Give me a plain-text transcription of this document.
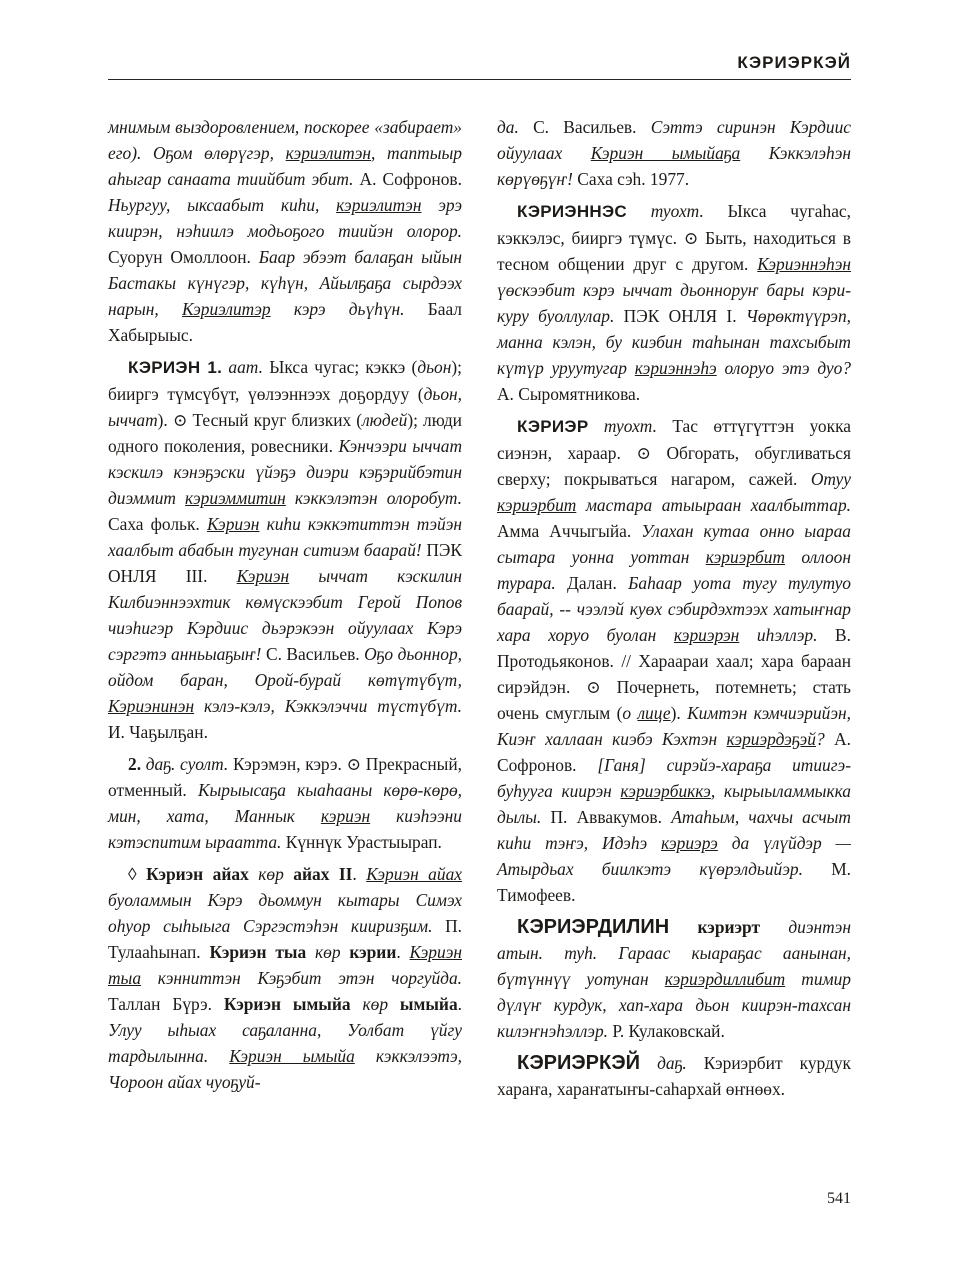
КЭРИЭРКЭЙ

мнимым выздоровлением, поскорее «забирает» его). Оҕом өлөрүгэр, кэриэлитэн, таптыыр аһыгар санаата тиийбит эбит. А. Софронов. Ньургуу, ыксаабыт киһи, кэриэлитэн эрэ киирэн, нэһиилэ модьоҕого тиийэн олорор. Суорун Омоллоон. Баар эбээт балаҕан ыйын Бастакы күнүгэр, күһүн, Айылҕаҕа сырдээх нарын, Кэриэлитэр кэрэ дьүһүн. Баал Хабырыыс.

КЭРИЭН 1. аат. Ыкса чугас; кэккэ (дьон); бииргэ түмсүбүт, үөлээннээх доҕордуу (дьон, ыччат). ⊙ Тесный круг близких (людей); люди одного поколения, ровесники. Кэнчээри ыччат кэскилэ кэнэҕэски үйэҕэ диэри кэҕэрийбэтин диэммит кэриэммитин кэккэлэтэн олоробут. Саха фольк. Кэриэн киһи кэккэтиттэн тэйэн хаалбыт абабын тугунан ситиэм баарай! ПЭК ОНЛЯ III. Кэриэн ыччат кэскилин Килбиэннээхтик көмүскээбит Герой Попов чиэһигэр Кэрдиис дьэрэкээн ойуулаах Кэрэ сэргэтэ анньыаҕыҥ! С. Васильев. Оҕо дьоннор, ойдом баран, Орой-бурай көтүтүбүт, Кэриэнинэн кэлэ-кэлэ, Кэккэлэччи түстүбүт. И. Чаҕылҕан.

2. даҕ. суолт. Кэрэмэн, кэрэ. ⊙ Прекрасный, отменный. Кырыысаҕа кыаһааны көрө-көрө, мин, хата, Маннык кэриэн киэһээни кэтэспитим ыраатта. Күннүк Урастыырап.

◊ Кэриэн айах көр айах II. Кэриэн айах буоламмын Кэрэ дьоммун кытары Симэх оһуор сыһыыга Сэргэстэһэн кииризҕим. П. Тулааһынап. Кэриэн тыа көр кэрии. Кэриэн тыа кэнниттэн Кэҕэбит этэн чоргуйда. Таллан Бүрэ. Кэриэн ымыйа көр ымыйа. Улуу ыһыах саҕаланна, Уолбат үйгу тардылынна. Кэриэн ымыйа кэккэлээтэ, Чороон айах чуоҕуй-

да. С. Васильев. Сэттэ сиринэн Кэрдиис ойуулаах Кэриэн ымыйаҕа Кэккэлэһэн көрүөҕүҥ! Саха сэһ. 1977.

КЭРИЭННЭС туохт. Ыкса чугаһас, кэккэлэс, бииргэ түмүс. ⊙ Быть, находиться в тесном общении друг с другом. Кэриэннэһэн үөскээбит кэрэ ыччат дьонноруҥ бары кэри-куру буоллулар. ПЭК ОНЛЯ I. Чөрөктүүрэп, манна кэлэн, бу киэбин таһынан тахсыбыт күтүр уруутугар кэриэннэһэ олоруо этэ дуо? А. Сыромятникова.

КЭРИЭР туохт. Тас өттүгүттэн уокка сиэнэн, хараар. ⊙ Обгорать, обугливаться сверху; покрываться нагаром, сажей. Отуу кэриэрбит мастара атыыраан хаалбыттар. Амма Аччыгыйа. Улахан кутаа онно ыараа сытара уонна уоттан кэриэрбит оллоон турара. Далан. Баһаар уота тугу тулутуо баарай, -- чээлэй куөх сэбирдэхтээх хатыҥнар хара хоруо буолан кэриэрэн иһэллэр. В. Протодьяконов. // Хараараи хаал; хара бараан сирэйдэн. ⊙ Почернеть, потемнеть; стать очень смуглым (о лице). Кимтэн кэмчиэрийэн, Киэҥ халлаан киэбэ Кэхтэн кэриэрдэҕэй? А. Софронов. [Ганя] сирэйэ-хараҕа итиигэ-буһууга киирэн кэриэрбиккэ, кырыыламмыкка дылы. П. Аввакумов. Атаһым, чахчы асчыт киһи тэҥэ, Идэһэ кэриэрэ да үлүйдэр — Атырдьах биилкэтэ күөрэлдьийэр. М. Тимофеев.

КЭРИЭРДИЛИН кэриэрт диэнтэн атын. туһ. Гараас кыараҕас аанынан, бүтүннүү уотунан кэриэрдиллибит тимир дүлүҥ курдук, хап-хара дьон киирэн-тахсан килэҥнэһэллэр. Р. Кулаковскай.

КЭРИЭРКЭЙ даҕ. Кэриэрбит курдук хараҥа, хараҥатыҥы-саһархай өҥнөөх.

541
